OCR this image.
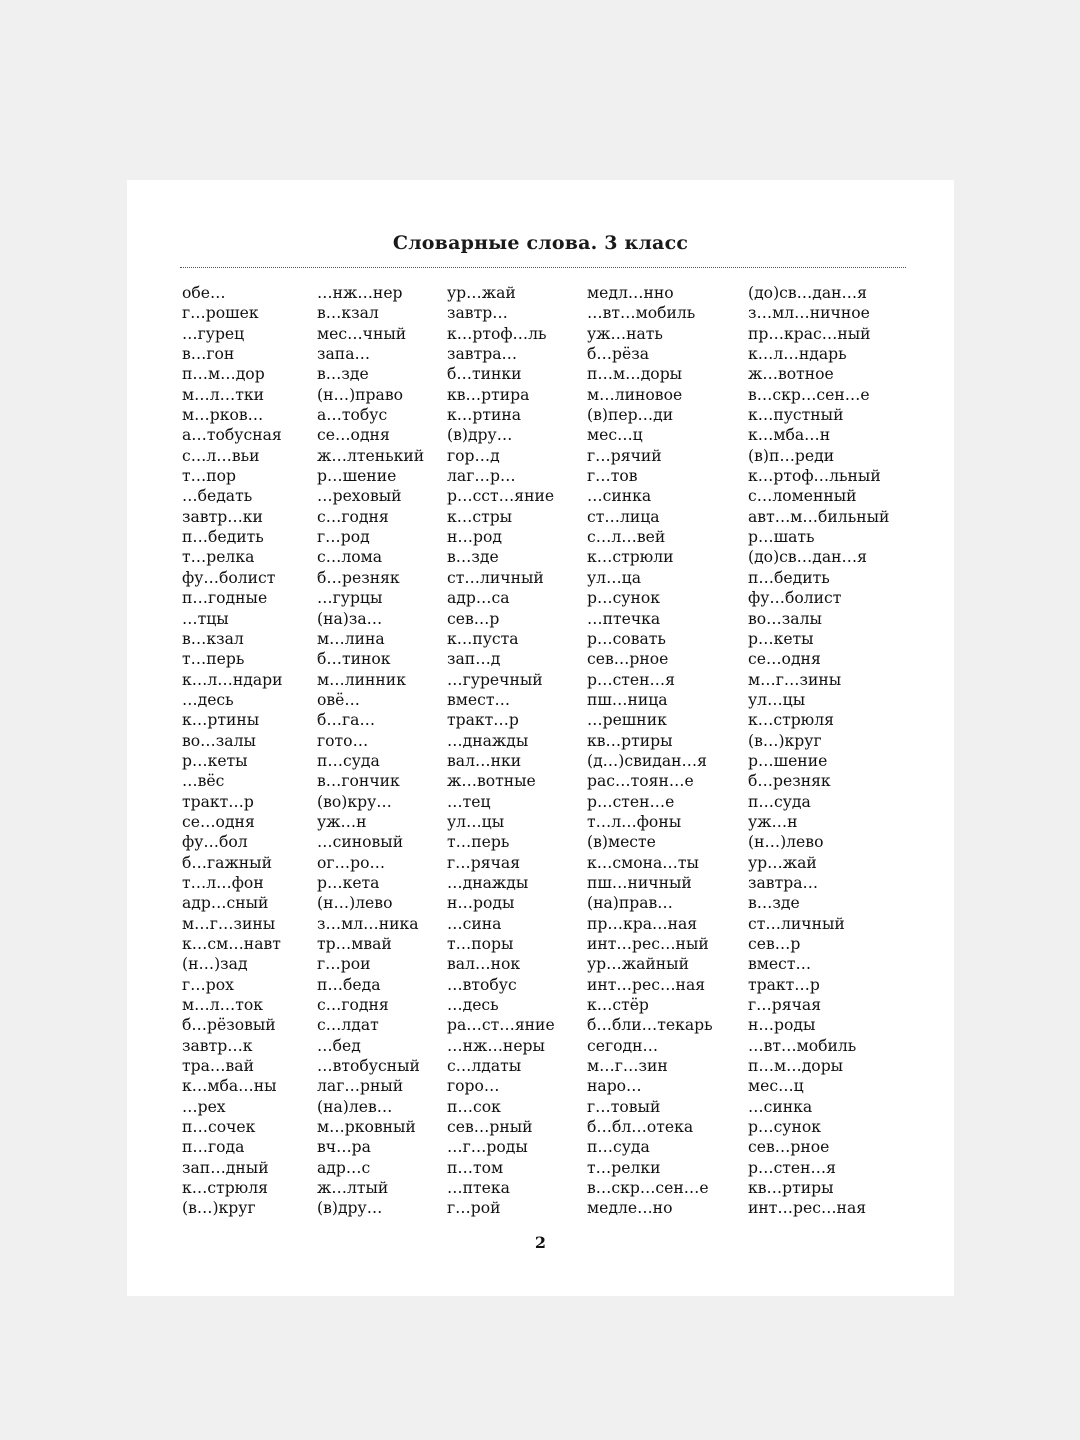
Словарные слова. 3 класс
обе…
г…рошек
…гурец
в…гон
п…м…дор
м…л…тки
м…рков…
а…тобусная
с…л…вьи
т…пор
…бедать
завтр…ки
п…бедить
т…релка
фу…болист
п…годные
…тцы
в…кзал
т…перь
к…л…ндари
…десь
к…ртины
во…залы
р…кеты
…вёс
тракт…р
се…одня
фу…бол
б…гажный
т…л…фон
адр…сный
м…г…зины
к…см…навт
(н…)зад
г…рох
м…л…ток
б…рёзовый
завтр…к
тра…вай
к…мба…ны
…рех
п…сочек
п…года
зап…дный
к…стрюля
(в…)круг
…нж…нер
в…кзал
мес…чный
запа…
в…зде
(н…)право
а…тобус
се…одня
ж…лтенький
р…шение
…реховый
с…годня
г…род
с…лома
б…резняк
…гурцы
(на)за…
м…лина
б…тинок
м…линник
овё…
б…га…
гото…
п…суда
в…гончик
(во)кру…
уж…н
…синовый
ог…ро…
р…кета
(н…)лево
з…мл…ника
тр…мвай
г…рои
п…беда
с…годня
с…лдат
…бед
…втобусный
лаг…рный
(на)лев…
м…рковный
вч…ра
адр…с
ж…лтый
(в)дру…
ур…жай
завтр…
к…ртоф…ль
завтра…
б…тинки
кв…ртира
к…ртина
(в)дру…
гор…д
лаг…р…
р…сст…яние
к…стры
н…род
в…зде
ст…личный
адр…са
сев…р
к…пуста
зап…д
…гуречный
вмест…
тракт…р
…днажды
вал…нки
ж…вотные
…тец
ул…цы
т…перь
г…рячая
…днажды
н…роды
…сина
т…поры
вал…нок
…втобус
…десь
ра…ст…яние
…нж…неры
с…лдаты
горо…
п…сок
сев…рный
…г…роды
п…том
…птека
г…рой
медл…нно
…вт…мобиль
уж…нать
б…рёза
п…м…доры
м…линовое
(в)пер…ди
мес…ц
г…рячий
г…тов
…синка
ст…лица
с…л…вей
к…стрюли
ул…ца
р…сунок
…птечка
р…совать
сев…рное
р…стен…я
пш…ница
…решник
кв…ртиры
(д…)свидан…я
рас…тоян…е
р…стен…е
т…л…фоны
(в)месте
к…смона…ты
пш…ничный
(на)прав…
пр…кра…ная
инт…рес…ный
ур…жайный
инт…рес…ная
к…стёр
б…бли…текарь
сегодн…
м…г…зин
наро…
г…товый
б…бл…отека
п…суда
т…релки
в…скр…сен…е
медле…но
(до)св…дан…я
з…мл…ничное
пр…крас…ный
к…л…ндарь
ж…вотное
в…скр…сен…е
к…пустный
к…мба…н
(в)п…реди
к…ртоф…льный
с…ломенный
авт…м…бильный
р…шать
(до)св…дан…я
п…бедить
фу…болист
во…залы
р…кеты
се…одня
м…г…зины
ул…цы
к…стрюля
(в…)круг
р…шение
б…резняк
п…суда
уж…н
(н…)лево
ур…жай
завтра…
в…зде
ст…личный
сев…р
вмест…
тракт…р
г…рячая
н…роды
…вт…мобиль
п…м…доры
мес…ц
…синка
р…сунок
сев…рное
р…стен…я
кв…ртиры
инт…рес…ная
2
